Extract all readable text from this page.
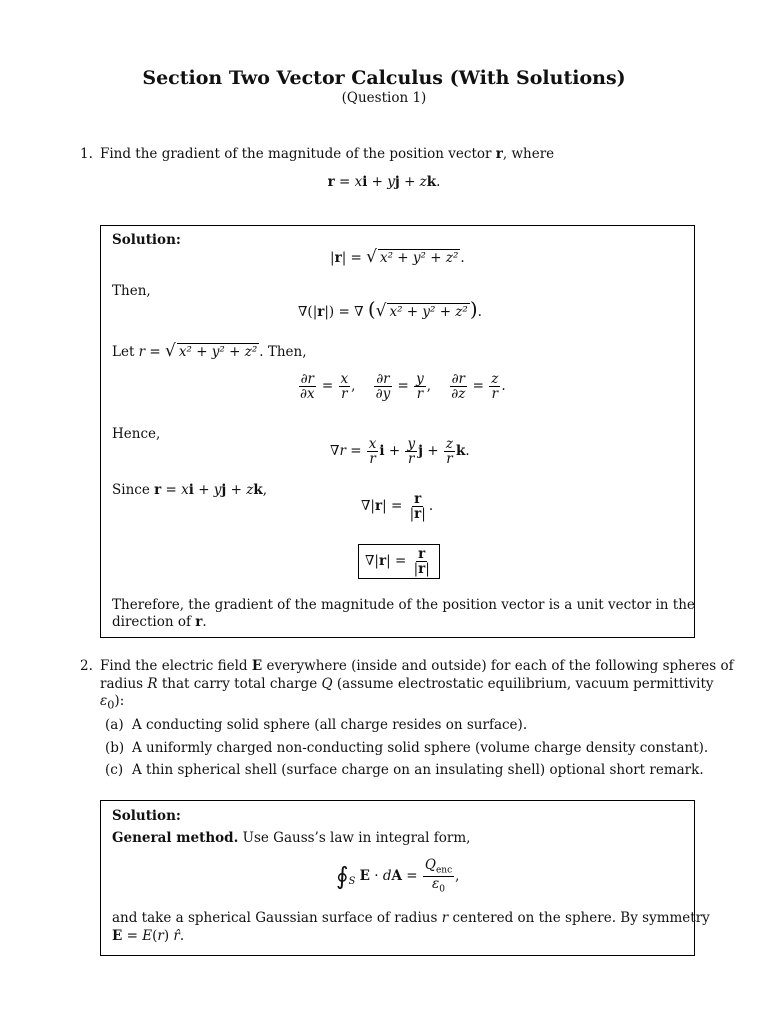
Section Two Vector Calculus (With Solutions)
(Question 1)
1. Find the gradient of the magnitude of the position vector r, where
r = xi + yj + zk.
Solution:
|r| = √ x² + y² + z² .
Then,
∇(|r|) = ∇ (√ x² + y² + z² ).
Let r = √ x² + y² + z² . Then,
$\frac{\partial r}{\partial x} = \frac{x}{r}$ , $\frac{\partial r}{\partial y} = \frac{y}{r}$ , $\frac{\partial r}{\partial z} = \frac{z}{r}$ .
Hence,
$\nabla r = \frac{x}{r}$ $i + \frac{y}{r}$ $j + \frac{z}{r} k$.
Since r = xi + yj + zk,
$\nabla|r| = \frac{r}{|r|}$ .
$\nabla|r| = \frac{r}{|r|}$
Therefore, the gradient of the magnitude of the position vector is a unit vector in the
direction of r.
2. Find the electric field E everywhere (inside and outside) for each of the following spheres of
radius R that carry total charge Q (assume electrostatic equilibrium, vacuum permittivity
$\varepsilon_0$):
(a) A conducting solid sphere (all charge resides on surface).
(b) A uniformly charged non-conducting solid sphere (volume charge density constant).
(c) A thin spherical shell (surface charge on an insulating shell) optional short remark.
Solution:
General method. Use Gauss’s law in integral form,
$∮_S$ E · dA = $\frac{Q_{enc}}{\varepsilon_0}$ ,
and take a spherical Gaussian surface of radius r centered on the sphere. By symmetry
E = E(r) r̂.
